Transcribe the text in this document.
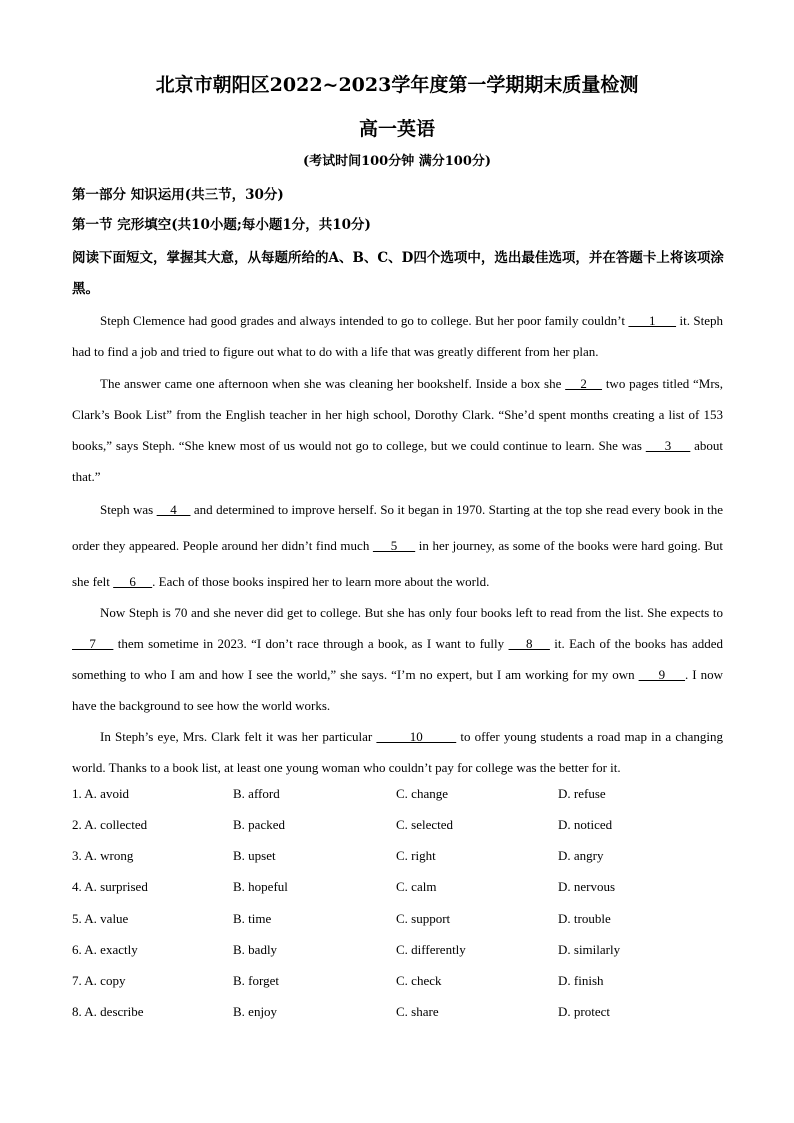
北京市朝阳区2022~2023学年度第一学期期末质量检测
高一英语
(考试时间100分钟 满分100分)
第一部分 知识运用(共三节，30分)
第一节 完形填空(共10小题;每小题1分，共10分)
阅读下面短文，掌握其大意，从每题所给的A、B、C、D四个选项中，选出最佳选项，并在答题卡上将该项涂黑。
Steph Clemence had good grades and always intended to go to college. But her poor family couldn’t       1       it. Steph had to find a job and tried to figure out what to do with a life that was greatly different from her plan.
The answer came one afternoon when she was cleaning her bookshelf. Inside a box she     2     two pages titled “Mrs, Clark’s Book List” from the English teacher in her high school, Dorothy Clark. “She’d spent months creating a list of 153 books,” says Steph. “She knew most of us would not go to college, but we could continue to learn. She was      3      about that.”
Steph was     4     and determined to improve herself. So it began in 1970. Starting at the top she read every book in the order they appeared. People around her didn’t find much      5      in her journey, as some of the books were hard going. But she felt      6     . Each of those books inspired her to learn more about the world.
Now Steph is 70 and she never did get to college. But she has only four books left to read from the list. She expects to     7     them sometime in 2023. “I don’t race through a book, as I want to fully     8     it. Each of the books has added something to who I am and how I see the world,” she says. “I’m no expert, but I am working for my own      9     . I now have the background to see how the world works.
In Steph’s eye, Mrs. Clark felt it was her particular         10         to offer young students a road map in a changing world. Thanks to a book list, at least one young woman who couldn’t pay for college was the better for it.
1. A. avoid	B. afford	C. change	D. refuse
2. A. collected	B. packed	C. selected	D. noticed
3. A. wrong	B. upset	C. right	D. angry
4. A. surprised	B. hopeful	C. calm	D. nervous
5. A. value	B. time	C. support	D. trouble
6. A. exactly	B. badly	C. differently	D. similarly
7. A. copy	B. forget	C. check	D. finish
8. A. describe	B. enjoy	C. share	D. protect
